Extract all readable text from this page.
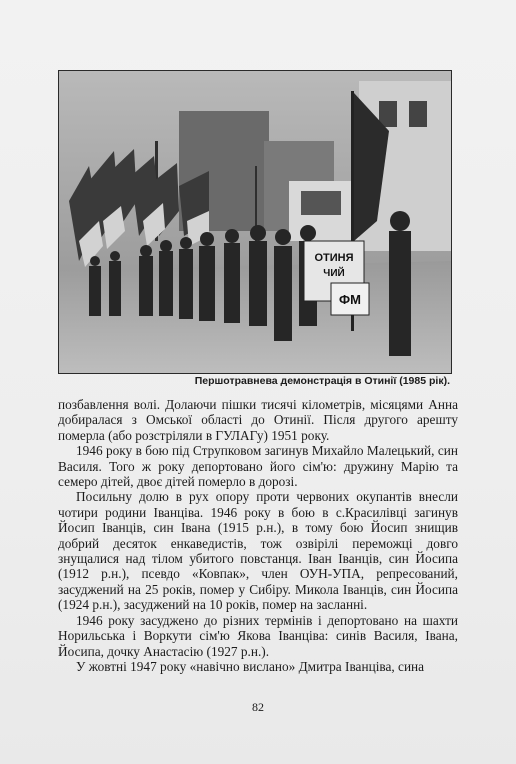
ОТИНЯ
ЧИЙ
ФМ
Першотравнева демонстрація в Отинії (1985 рік).

позбавлення волі. Долаючи пішки тисячі кілометрів, місяцями Анна добиралася з Омської області до Отинії. Після другого арешту померла (або розстріляли в ГУЛАГу) 1951 року.

1946 року в бою під Струпковом загинув Михайло Малецький, син Василя. Того ж року депортовано його сім'ю: дружину Марію та семеро дітей, двоє дітей померло в дорозі.

Посильну долю в рух опору проти червоних окупантів внесли чотири родини Іванціва. 1946 року в бою в с.Красилівці загинув Йосип Іванців, син Івана (1915 р.н.), в тому бою Йосип знищив добрий десяток енкаведистів, тож озвірілі переможці довго знущалися над тілом убитого повстанця. Іван Іванців, син Йосипа (1912 р.н.), псевдо «Ковпак», член ОУН-УПА, репресований, засуджений на 25 років, помер у Сибіру. Микола Іванців, син Йосипа (1924 р.н.), засуджений на 10 років, помер на засланні.

1946 року засуджено до різних термінів і депортовано на шахти Норильська і Воркути сім'ю Якова Іванціва: синів Василя, Івана, Йосипа, дочку Анастасію (1927 р.н.).

У жовтні 1947 року «навічно вислано» Дмитра Іванціва, сина

82
